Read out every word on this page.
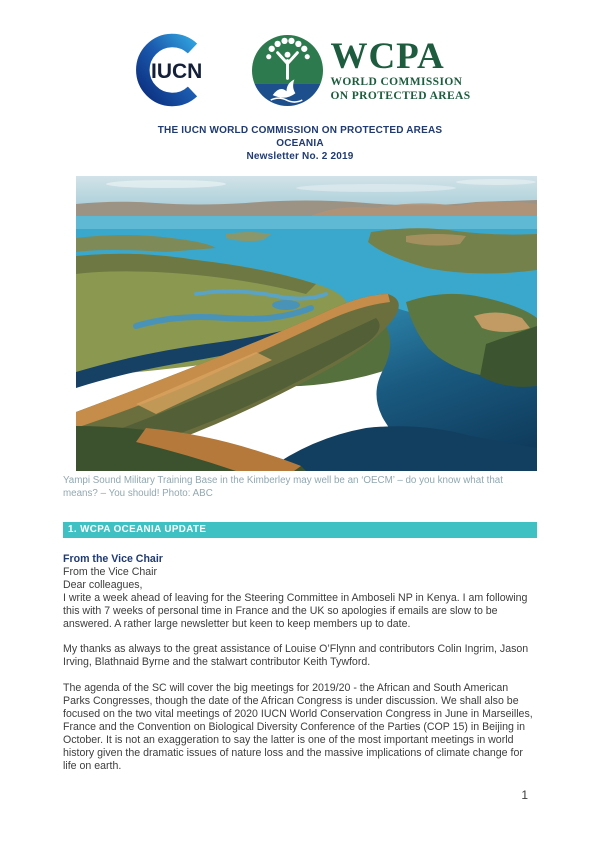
IUCN	WCPA
WORLD COMMISSION
ON PROTECTED AREAS
THE IUCN WORLD COMMISSION ON PROTECTED AREAS
OCEANIA
Newsletter No. 2 2019
Yampi Sound Military Training Base in the Kimberley may well be an ‘OECM’ – do you know what that means? – You should! Photo: ABC
1. WCPA OCEANIA UPDATE
From the Vice Chair
From the Vice Chair
Dear colleagues,

I write a week ahead of leaving for the Steering Committee in Amboseli NP in Kenya. I am following this with 7 weeks of personal time in France and the UK so apologies if emails are slow to be answered. A rather large newsletter but keen to keep members up to date.

My thanks as always to the great assistance of Louise O’Flynn and contributors Colin Ingrim, Jason Irving, Blathnaid Byrne and the stalwart contributor Keith Tywford.

The agenda of the SC will cover the big meetings for 2019/20 - the African and South American Parks Congresses, though the date of the African Congress is under discussion. We shall also be focused on the two vital meetings of 2020 IUCN World Conservation Congress in June in Marseilles, France and the Convention on Biological Diversity Conference of the Parties (COP 15) in Beijing in October. It is not an exaggeration to say the latter is one of the most important meetings in world history given the dramatic issues of nature loss and the massive implications of climate change for life on earth.

1
